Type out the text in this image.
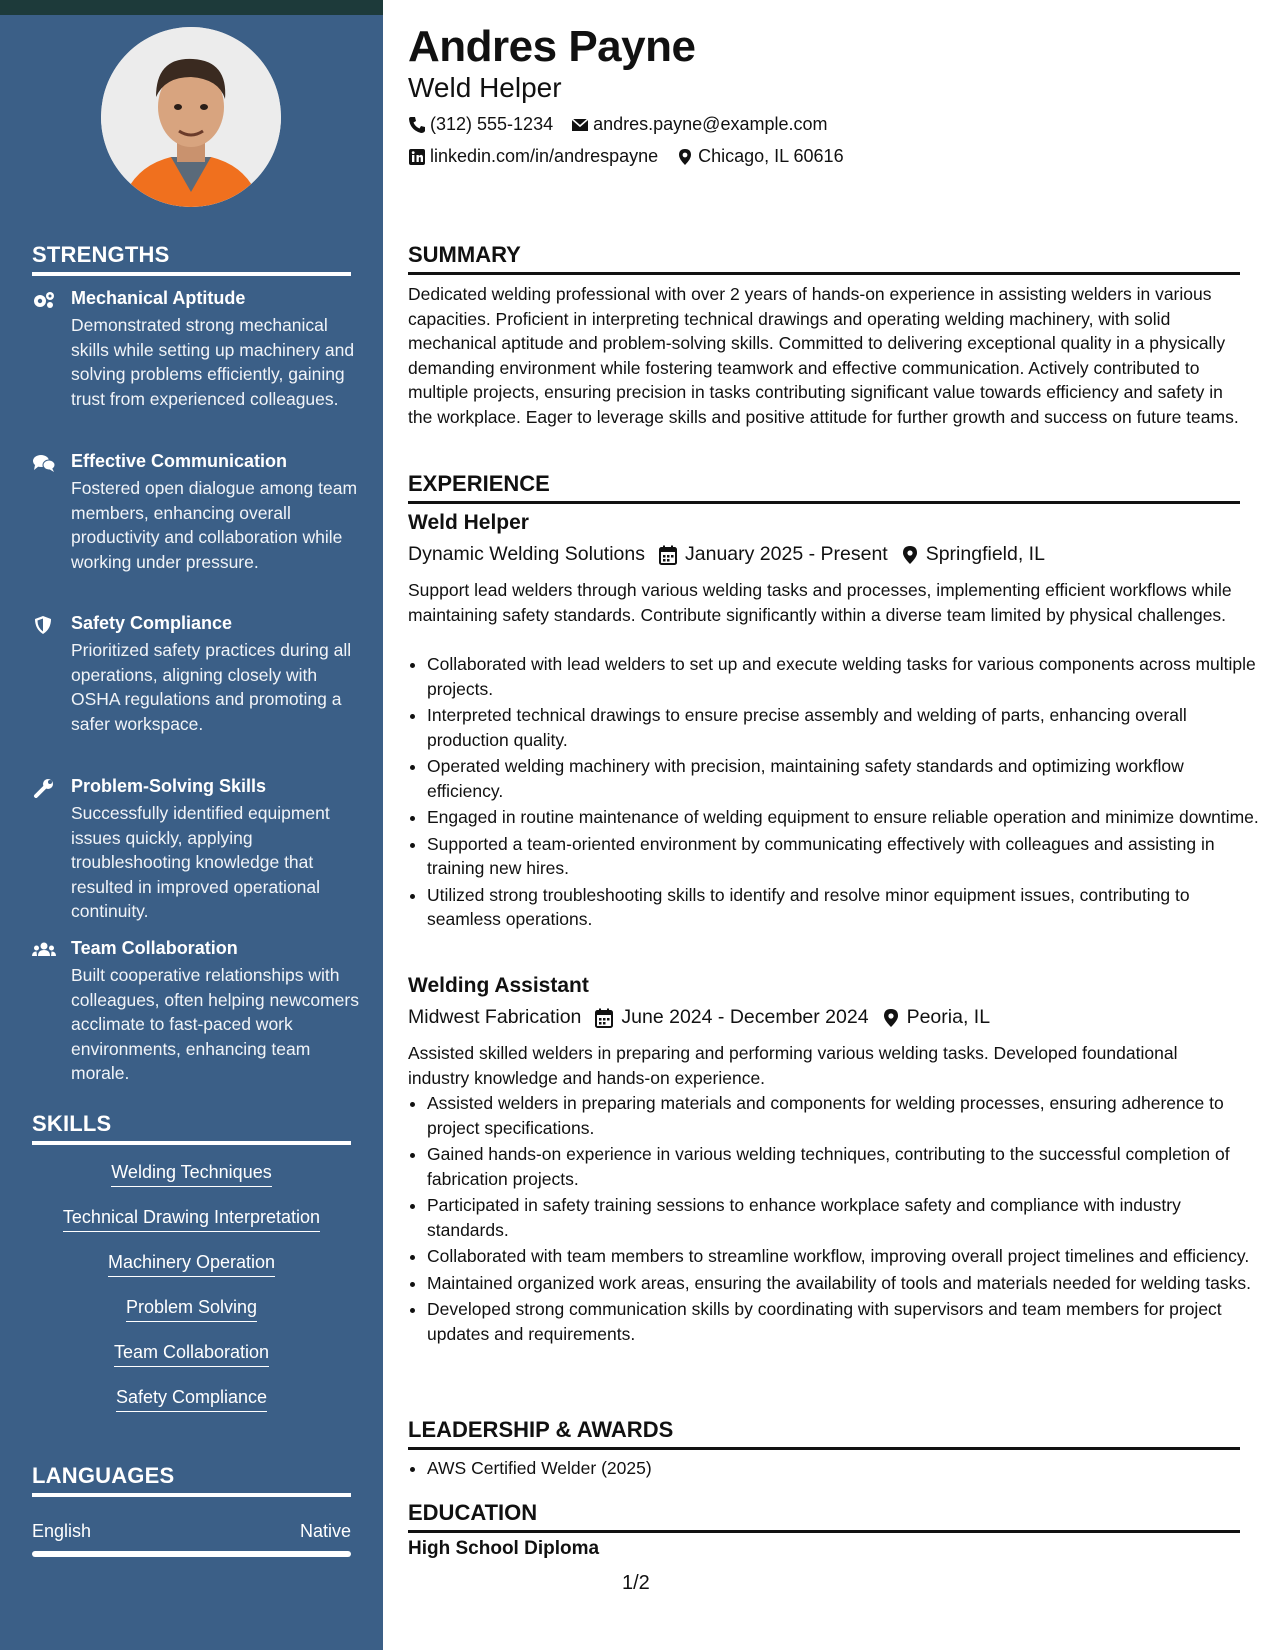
STRENGTHS
Mechanical Aptitude
Demonstrated strong mechanical skills while setting up machinery and solving problems efficiently, gaining trust from experienced colleagues.
Effective Communication
Fostered open dialogue among team members, enhancing overall productivity and collaboration while working under pressure.
Safety Compliance
Prioritized safety practices during all operations, aligning closely with OSHA regulations and promoting a safer workspace.
Problem-Solving Skills
Successfully identified equipment issues quickly, applying troubleshooting knowledge that resulted in improved operational continuity.
Team Collaboration
Built cooperative relationships with colleagues, often helping newcomers acclimate to fast-paced work environments, enhancing team morale.
SKILLS
Welding Techniques
Technical Drawing Interpretation
Machinery Operation
Problem Solving
Team Collaboration
Safety Compliance
LANGUAGES
English	Native
Andres Payne
Weld Helper
(312) 555-1234 andres.payne@example.com
linkedin.com/in/andrespayne Chicago, IL 60616
SUMMARY
Dedicated welding professional with over 2 years of hands-on experience in assisting welders in various capacities. Proficient in interpreting technical drawings and operating welding machinery, with solid mechanical aptitude and problem-solving skills. Committed to delivering exceptional quality in a physically demanding environment while fostering teamwork and effective communication. Actively contributed to multiple projects, ensuring precision in tasks contributing significant value towards efficiency and safety in the workplace. Eager to leverage skills and positive attitude for further growth and success on future teams.
EXPERIENCE
Weld Helper
Dynamic Welding Solutions January 2025 - Present Springfield, IL
Support lead welders through various welding tasks and processes, implementing efficient workflows while maintaining safety standards. Contribute significantly within a diverse team limited by physical challenges.
• Collaborated with lead welders to set up and execute welding tasks for various components across multiple projects.
• Interpreted technical drawings to ensure precise assembly and welding of parts, enhancing overall production quality.
• Operated welding machinery with precision, maintaining safety standards and optimizing workflow efficiency.
• Engaged in routine maintenance of welding equipment to ensure reliable operation and minimize downtime.
• Supported a team-oriented environment by communicating effectively with colleagues and assisting in training new hires.
• Utilized strong troubleshooting skills to identify and resolve minor equipment issues, contributing to seamless operations.
Welding Assistant
Midwest Fabrication June 2024 - December 2024 Peoria, IL
Assisted skilled welders in preparing and performing various welding tasks. Developed foundational industry knowledge and hands-on experience.
• Assisted welders in preparing materials and components for welding processes, ensuring adherence to project specifications.
• Gained hands-on experience in various welding techniques, contributing to the successful completion of fabrication projects.
• Participated in safety training sessions to enhance workplace safety and compliance with industry standards.
• Collaborated with team members to streamline workflow, improving overall project timelines and efficiency.
• Maintained organized work areas, ensuring the availability of tools and materials needed for welding tasks.
• Developed strong communication skills by coordinating with supervisors and team members for project updates and requirements.
LEADERSHIP & AWARDS
• AWS Certified Welder (2025)
EDUCATION
High School Diploma
1/2
